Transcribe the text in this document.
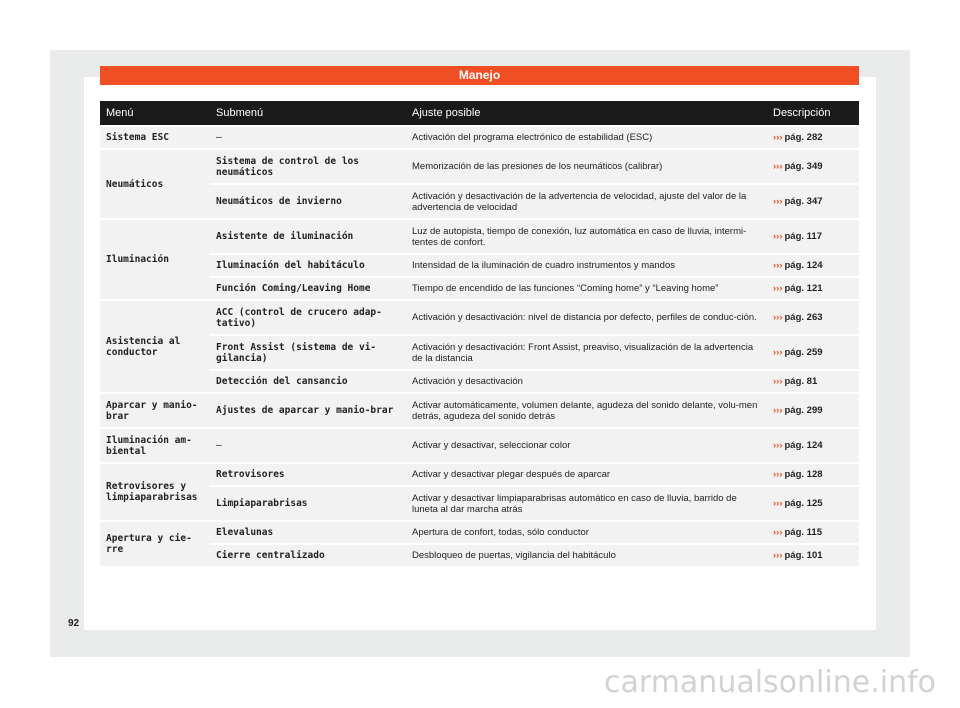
Manejo
Menú	Submenú	Ajuste posible	Descripción
Sistema ESC	–	Activación del programa electrónico de estabilidad (ESC)	››› pág. 282
Neumáticos	Sistema de control de los neumáticos	Memorización de las presiones de los neumáticos (calibrar)	››› pág. 349
	Neumáticos de invierno	Activación y desactivación de la advertencia de velocidad, ajuste del valor de la advertencia de velocidad	››› pág. 347
Iluminación	Asistente de iluminación	Luz de autopista, tiempo de conexión, luz automática en caso de lluvia, intermi-tentes de confort.	››› pág. 117
	Iluminación del habitáculo	Intensidad de la iluminación de cuadro instrumentos y mandos	››› pág. 124
	Función Coming/Leaving Home	Tiempo de encendido de las funciones “Coming home” y “Leaving home”	››› pág. 121
Asistencia al conductor	ACC (control de crucero adap-tativo)	Activación y desactivación: nivel de distancia por defecto, perfiles de conduc-ción.	››› pág. 263
	Front Assist (sistema de vi-gilancia)	Activación y desactivación: Front Assist, preaviso, visualización de la advertencia de la distancia	››› pág. 259
	Detección del cansancio	Activación y desactivación	››› pág. 81
Aparcar y manio-brar	Ajustes de aparcar y manio-brar	Activar automáticamente, volumen delante, agudeza del sonido delante, volu-men detrás, agudeza del sonido detrás	››› pág. 299
Iluminación am-biental	–	Activar y desactivar, seleccionar color	››› pág. 124
Retrovisores y limpiaparabrisas	Retrovisores	Activar y desactivar plegar después de aparcar	››› pág. 128
	Limpiaparabrisas	Activar y desactivar limpiaparabrisas automático en caso de lluvia, barrido de luneta al dar marcha atrás	››› pág. 125
Apertura y cie-rre	Elevalunas	Apertura de confort, todas, sólo conductor	››› pág. 115
	Cierre centralizado	Desbloqueo de puertas, vigilancia del habitáculo	››› pág. 101
92
carmanualsonline.info
